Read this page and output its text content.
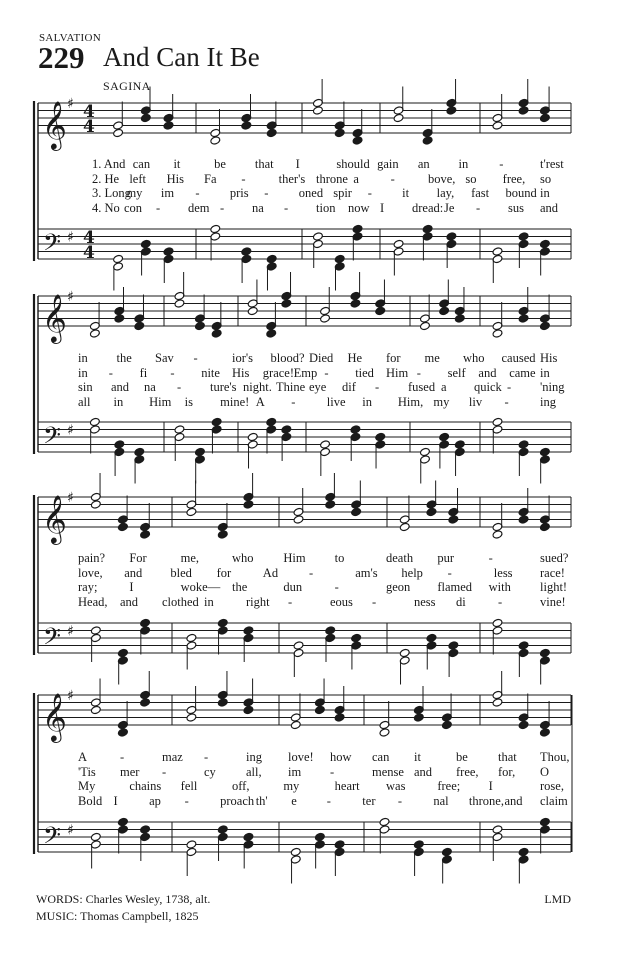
SALVATION
229 And Can It Be
SAGINA
𝄞
𝄢
♯
♯
4
4
4
4
𝄞
𝄢
♯
♯
𝄞
𝄢
♯
♯
𝄞
𝄢
♯
♯
1. And can it	be that I	should gain an in -	t'rest
2. He left His Fa -	ther's throne a	-	bove, so free, so
3. Long
my im - pris - oned spir - it lay, fast bound in
4. No con - dem - na - tion now I dread: Je - sus and
in the Sav -	ior's blood? Died He for me who caused His
in - fi - nite His grace! Emp - tied Him - self and came in
sin and na - ture's night. Thine eye dif - fused a quick - 'ning
all in Him is mine! A -	live in Him, my liv -	ing
pain? For	me,	who Him to	death pur	-	sued?
love, and bled for	Ad -	am's help -	less race!
ray;	I	woke— the	dun	-	geon flamed with light!
Head, and clothed in	right -	eous -	ness di	-	vine!
A	-	maz -	ing love! how can it	be that Thou,
'Tis mer -	cy all, im -	mense and free, for, O
My	chains fell	off,	my	heart was	free; I	rose,
Bold I	ap -	proach th' e -	ter -	nal throne, and claim
WORDS: Charles Wesley, 1738, alt.
MUSIC: Thomas Campbell, 1825
LMD
